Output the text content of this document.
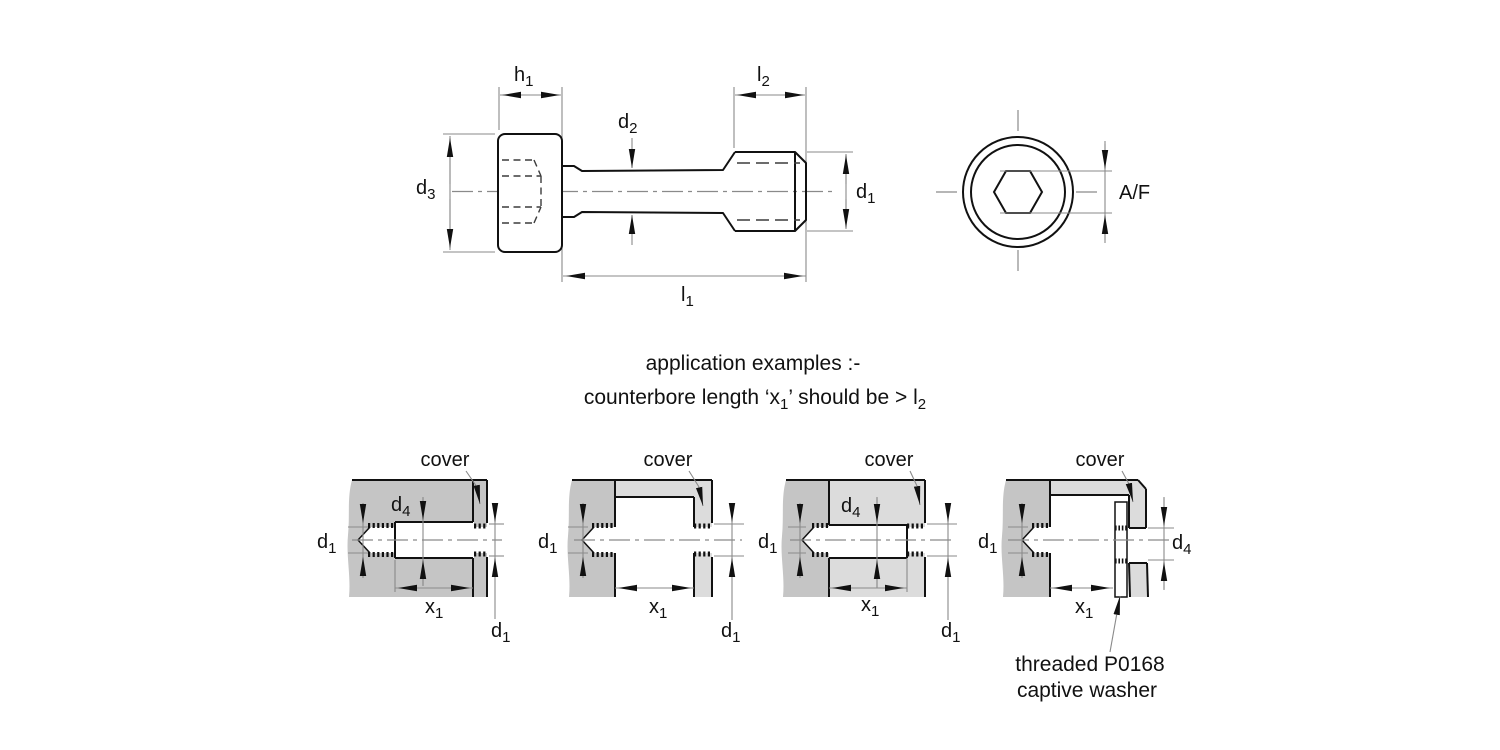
$h_1$	$l_2$
$d_2$
$d_3$	$d_1$
$l_1$
A/F
application examples :-
counterbore length ‘$x_1$’ should be > $l_2$
cover
$d_4$
$d_1$
$x_1$
$d_1$
cover
$d_1$
$x_1$
$d_1$
cover
$d_4$
$d_1$
$x_1$
$d_1$
cover
$d_1$
$x_1$
$d_4$
threaded P0168
captive washer
